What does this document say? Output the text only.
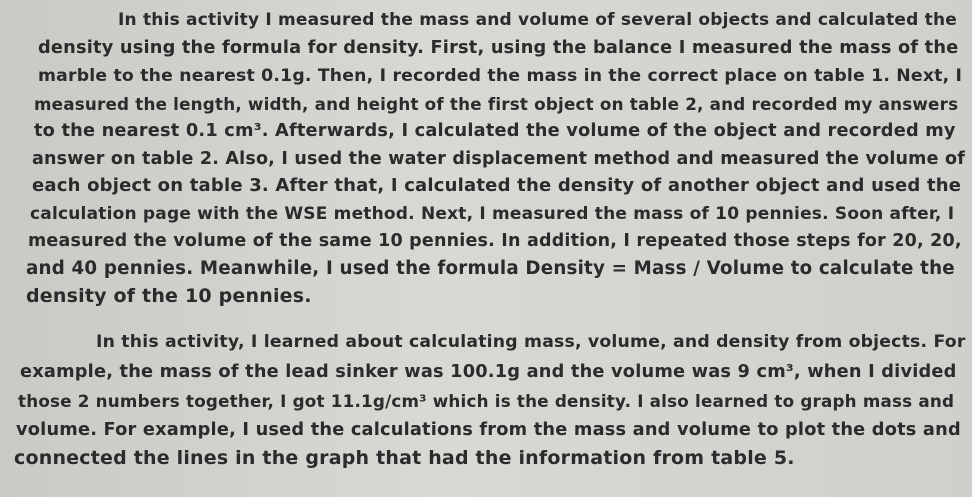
In this activity I measured the mass and volume of several objects and calculated the
density using the formula for density. First, using the balance I measured the mass of the
marble to the nearest 0.1g. Then, I recorded the mass in the correct place on table 1. Next, I
measured the length, width, and height of the first object on table 2, and recorded my answers
to the nearest 0.1 cm³. Afterwards, I calculated the volume of the object and recorded my
answer on table 2. Also, I used the water displacement method and measured the volume of
each object on table 3. After that, I calculated the density of another object and used the
calculation page with the WSE method. Next, I measured the mass of 10 pennies. Soon after, I
measured the volume of the same 10 pennies. In addition, I repeated those steps for 20, 20,
and 40 pennies. Meanwhile, I used the formula Density = Mass / Volume to calculate the
density of the 10 pennies.
In this activity, I learned about calculating mass, volume, and density from objects. For
example, the mass of the lead sinker was 100.1g and the volume was 9 cm³, when I divided
those 2 numbers together, I got 11.1g/cm³ which is the density. I also learned to graph mass and
volume. For example, I used the calculations from the mass and volume to plot the dots and
connected the lines in the graph that had the information from table 5.
